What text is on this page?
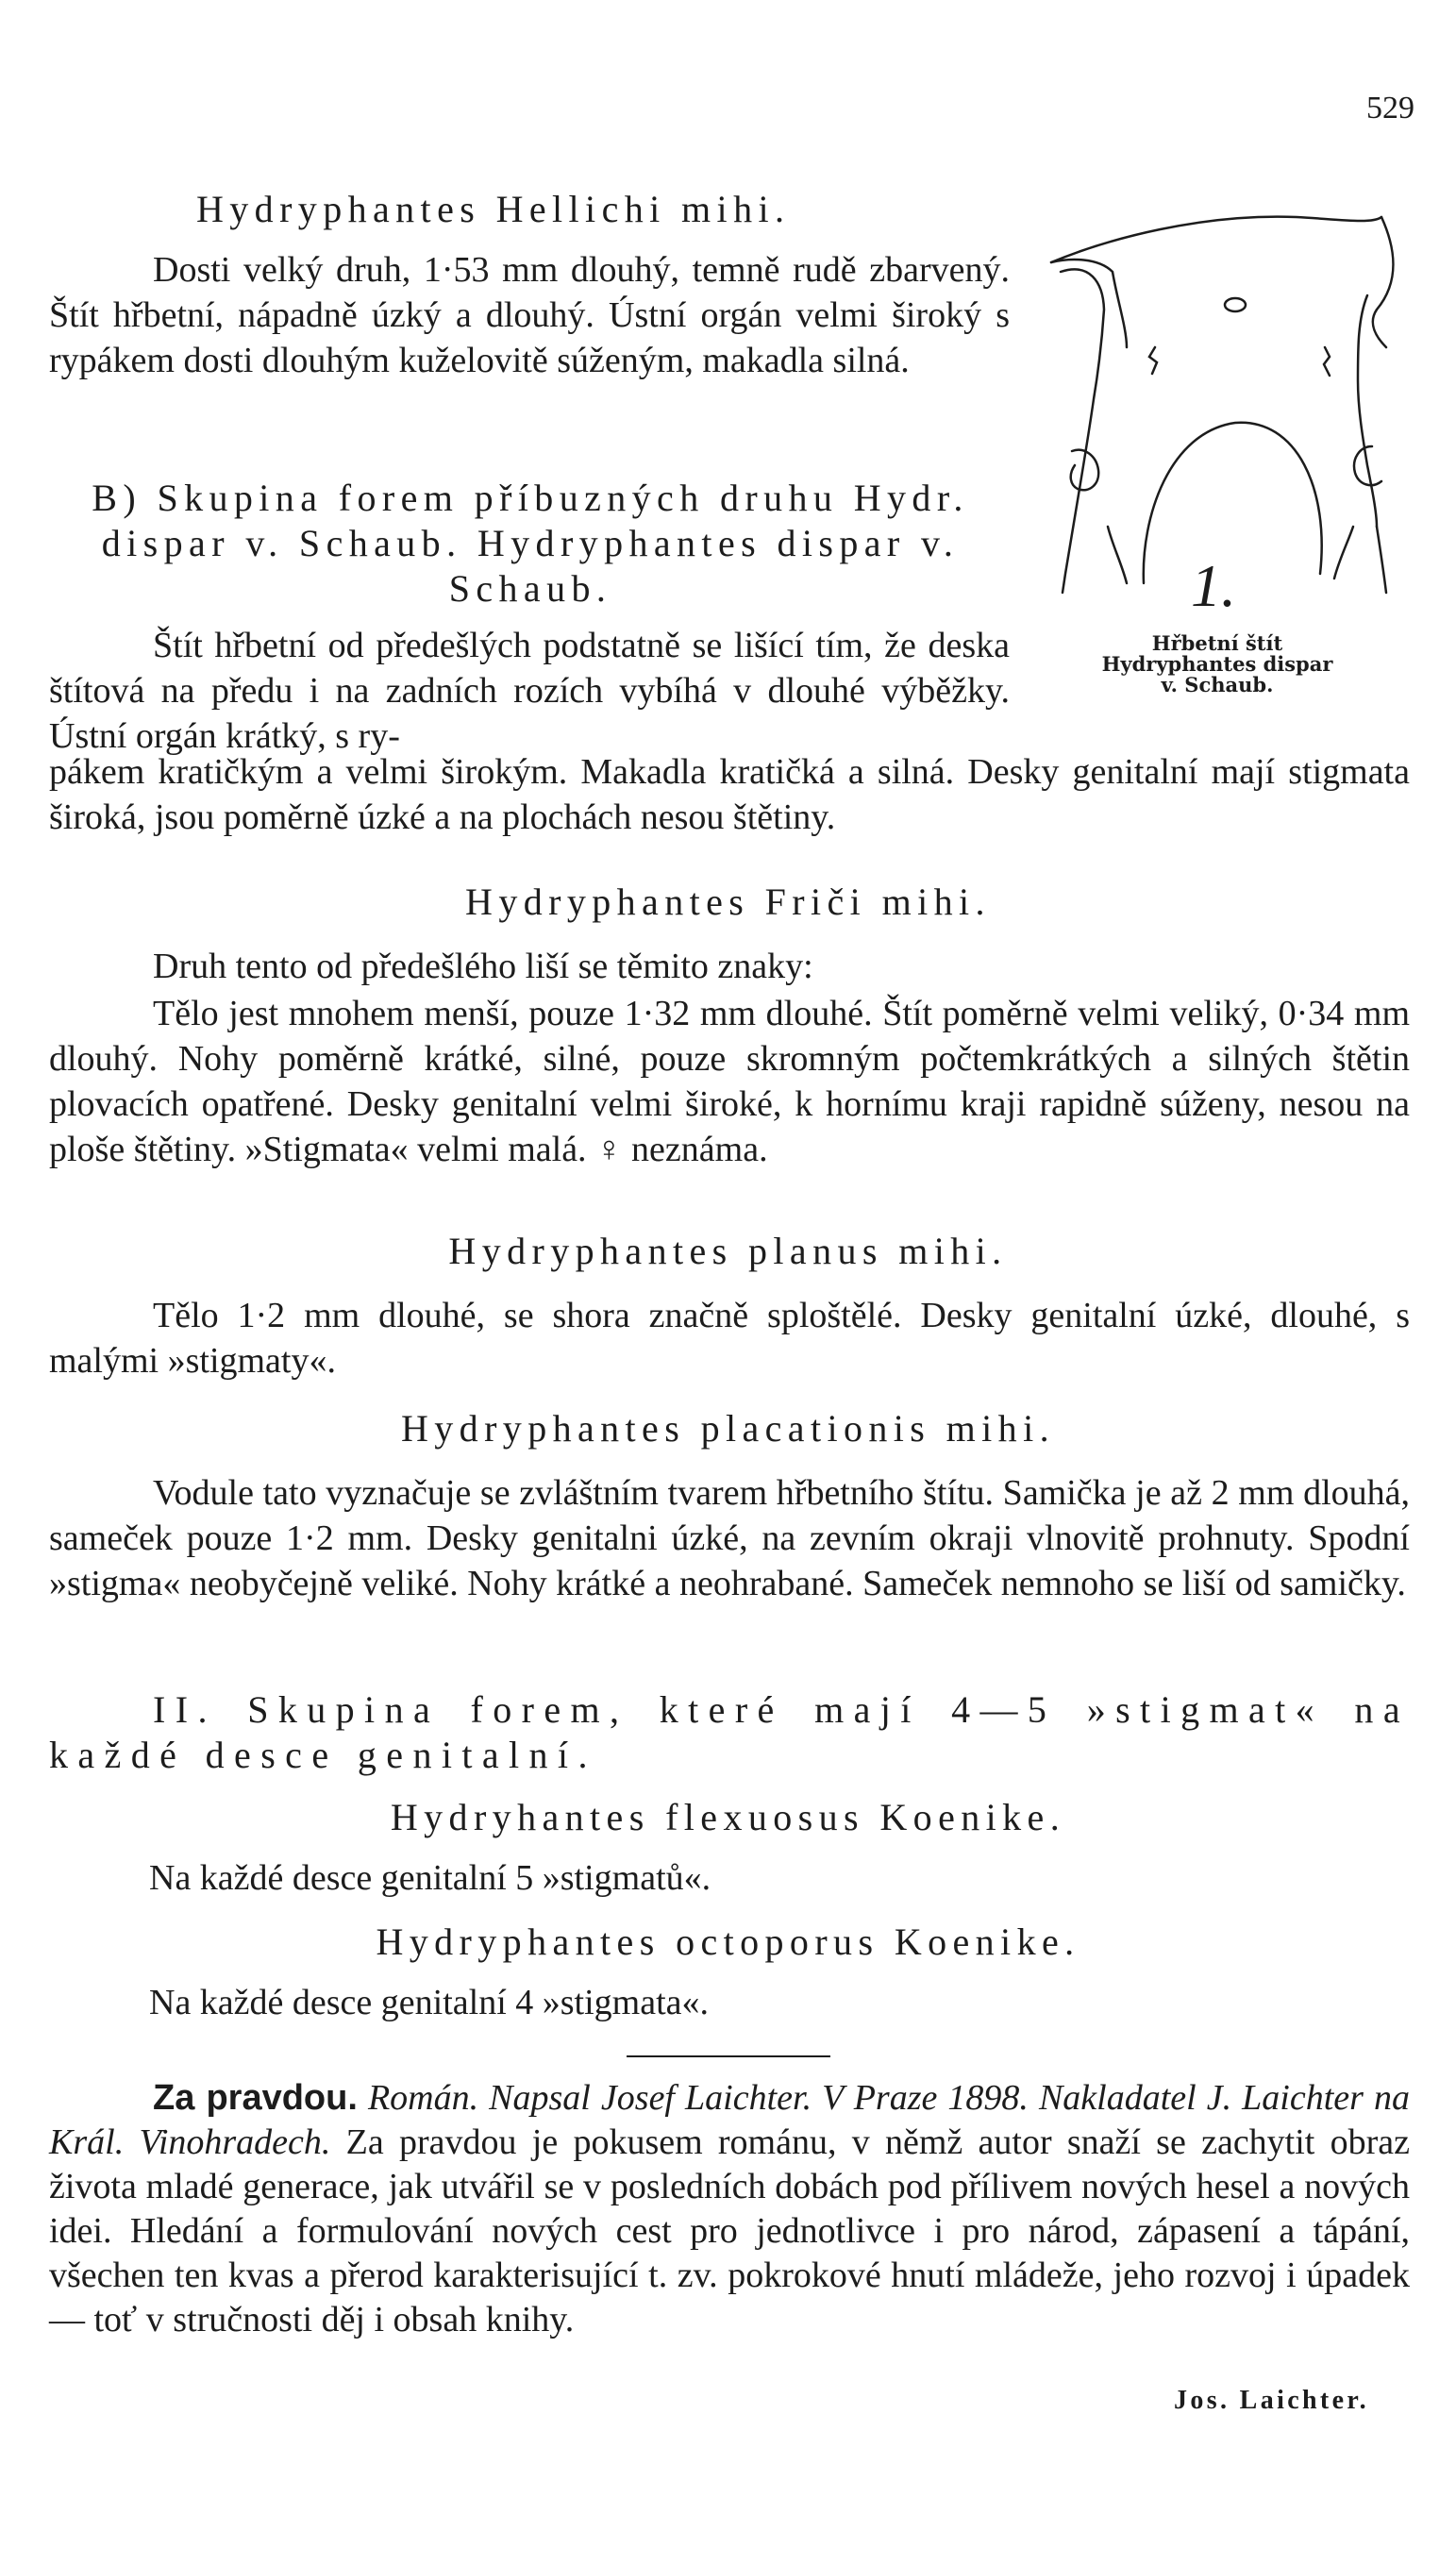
529
Hydryphantes Hellichi mihi.
Dosti velký druh, 1·53 mm dlouhý, temně rudě zbarvený. Štít hřbetní, nápadně úzký a dlouhý. Ústní orgán velmi široký s rypákem dosti dlouhým kuželovitě súženým, makadla silná.
B) Skupina forem příbuzných druhu Hydr. dispar v. Schaub. Hydryphantes dispar v. Schaub.	1.
Hřbetní štít
Hydryphantes dispar
v. Schaub.
Štít hřbetní od předešlých podstatně se lišící tím, že deska štítová na předu i na zadních rozích vybíhá v dlouhé výběžky. Ústní orgán krátký, s ry-
pákem kratičkým a velmi širokým. Makadla kratičká a silná. Desky genitalní mají stigmata široká, jsou poměrně úzké a na plochách nesou štětiny.
Hydryphantes Friči mihi.
Druh tento od předešlého liší se těmito znaky:
Tělo jest mnohem menší, pouze 1·32 mm dlouhé. Štít poměrně velmi veliký, 0·34 mm dlouhý. Nohy poměrně krátké, silné, pouze skromným počtemkrátkých a silných štětin plovacích opatřené. Desky genitalní velmi široké, k hornímu kraji rapidně súženy, nesou na ploše štětiny. »Stigmata« velmi malá. ♀ neznáma.
Hydryphantes planus mihi.
Tělo 1·2 mm dlouhé, se shora značně sploštělé. Desky genitalní úzké, dlouhé, s malými »stigmaty«.
Hydryphantes placationis mihi.
Vodule tato vyznačuje se zvláštním tvarem hřbetního štítu. Samička je až 2 mm dlouhá, sameček pouze 1·2 mm. Desky genitalni úzké, na zevním okraji vlnovitě prohnuty. Spodní »stigma« neobyčejně veliké. Nohy krátké a neohrabané. Sameček nemnoho se liší od samičky.
II. Skupina forem, které mají 4—5 »stigmat« na každé desce genitalní.
Hydryhantes flexuosus Koenike.
Na každé desce genitalní 5 »stigmatů«.
Hydryphantes octoporus Koenike.
Na každé desce genitalní 4 »stigmata«.
Za pravdou. Román. Napsal Josef Laichter. V Praze 1898. Nakladatel J. Laichter na Král. Vinohradech. Za pravdou je pokusem románu, v němž autor snaží se zachytit obraz života mladé generace, jak utvářil se v posledních dobách pod přílivem nových hesel a nových idei. Hledání a formulování nových cest pro jednotlivce i pro národ, zápasení a tápání, všechen ten kvas a přerod karakterisující t. zv. pokrokové hnutí mládeže, jeho rozvoj i úpadek — toť v stručnosti děj i obsah knihy.
Jos. Laichter.
